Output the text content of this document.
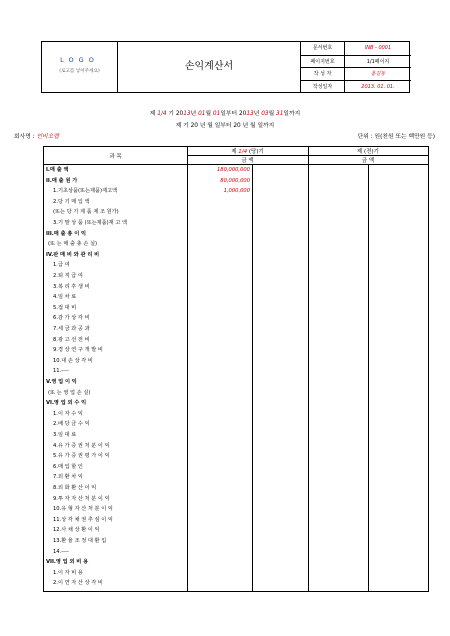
LOGO
(로고를 넣어주세요)	손익계산서
문서번호	INB - 0001
페이지번호	1/1페이지
작 성 자	홍길동
작성일자	2013. 01. 01.
제 1/4 기 2013년 01월 01일부터 2013년 03월 31일까지
제 기 20 년 월 일부터 20 년 월 일까지
회사명 : 인비오랩	단위 : 원(천원 또는 백만원 등)
과 목
제 1/4 (당)기	제 (전)기
금 액	금 액
I.매 출 액	180,000,000
II.매 출 원 가	80,000,000
1.기초상품(또는제품)재고액	1,000,000
2.당 기 매 입 액
(또는 당 기 제 품 제 조 원가)
3.기 말 상 품 (또는제품)재 고 액
III.매 출 총 이 익
(또 는 매 출 총 손 실)
IV.판 매 비 와 관 리 비
1.급 여
2.퇴 직 급 여
3.복 리 후 생 비
4.임 차 료
5.접 대 비
6.감 가 상 각 비
7.세 금 과 공 과
8.광 고 선 전 비
9.경 상 연 구 개 발 비
10.대 손 상 각 비
11.----
V.영 업 이 익
(또 는 영 업 손 실)
VI.영 업 외 수 익
1.이 자 수 익
2.배 당 금 수 익
3.임 대 료
4.유 가 증 권 처 분 이 익
5.유 가 증 권 평 가 이 익
6.매 입 할 인
7.외 환 차 익
8.외 화 환 산 이 익
9.투 자 자 산 처 분 이 익
10.유 형 자 산 처 분 이 익
11.상 각 채 권 추 심 이 익
12.사 채 상 환 이 익
13.환 율 조 정 대 환 입
14.----
VII.영 업 외 비 용
1.이 자 비 용
2.이 연 자 산 상 각 비
